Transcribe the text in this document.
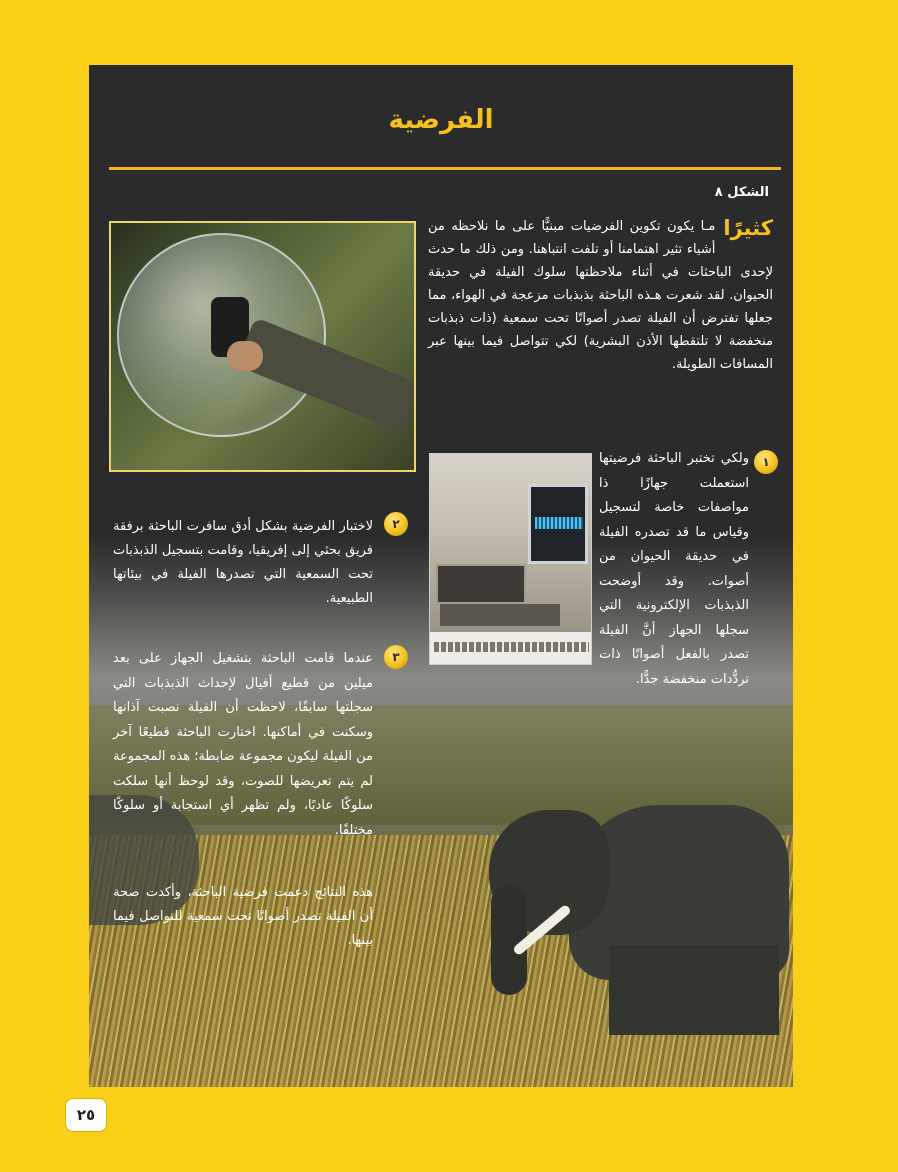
الفرضية
الشكل ٨
كثيرًا
مـا يكون تكوين الفرضيات مبنيًّا على ما نلاحظه من أشياء تثير اهتمامنا أو تلفت انتباهنا. ومن ذلك ما حدث لإحدى الباحثات في أثناء ملاحظتها سلوك الفيلة في حديقة الحيوان. لقد شعرت هـذه الباحثة بذبذبات مزعجة في الهواء، مما جعلها تفترض أن الفيلة تصدر أصواتًا تحت سمعية (ذات ذبذبات منخفضة لا تلتقطها الأذن البشرية) لكي تتواصل فيما بينها عبر المسافات الطويلة.
١
ولكي تختبر الباحثة فرضيتها استعملت جهازًا ذا مواصفات خاصة لتسجيل وقياس ما قد تصدره الفيلة في حديقة الحيوان من أصوات. وقد أوضحت الذبذبات الإلكترونية التي سجلها الجهاز أنَّ الفيلة تصدر بالفعل أصواتًا ذات تردُّدات منخفضة جدًّا.
٢
لاختبار الفرضية بشكل أدق سافرت الباحثة برفقة فريق بحثي إلى إفريقيا، وقامت بتسجيل الذبذبات تحت السمعية التي تصدرها الفيلة في بيئاتها الطبيعية.
٣
عندما قامت الباحثة بتشغيل الجهاز على بعد ميلين من قطيع أفيال لإحداث الذبذبات التي سجلتها سابقًا، لاحظت أن الفيلة نصبت آذانها وسكنت في أماكنها. اختارت الباحثة قطيعًا آخر من الفيلة ليكون مجموعة ضابطة؛ هذه المجموعة لم يتم تعريضها للصوت، وقد لوحظ أنها سلكت سلوكًا عاديًا، ولم تظهر أي استجابة أو سلوكًا مختلفًا.
هذه النتائج دعمت فرضية الباحثة، وأكدت صحة أن الفيلة تصدر أصواتًا تحت سمعية للتواصل فيما بينها.
٢٥
